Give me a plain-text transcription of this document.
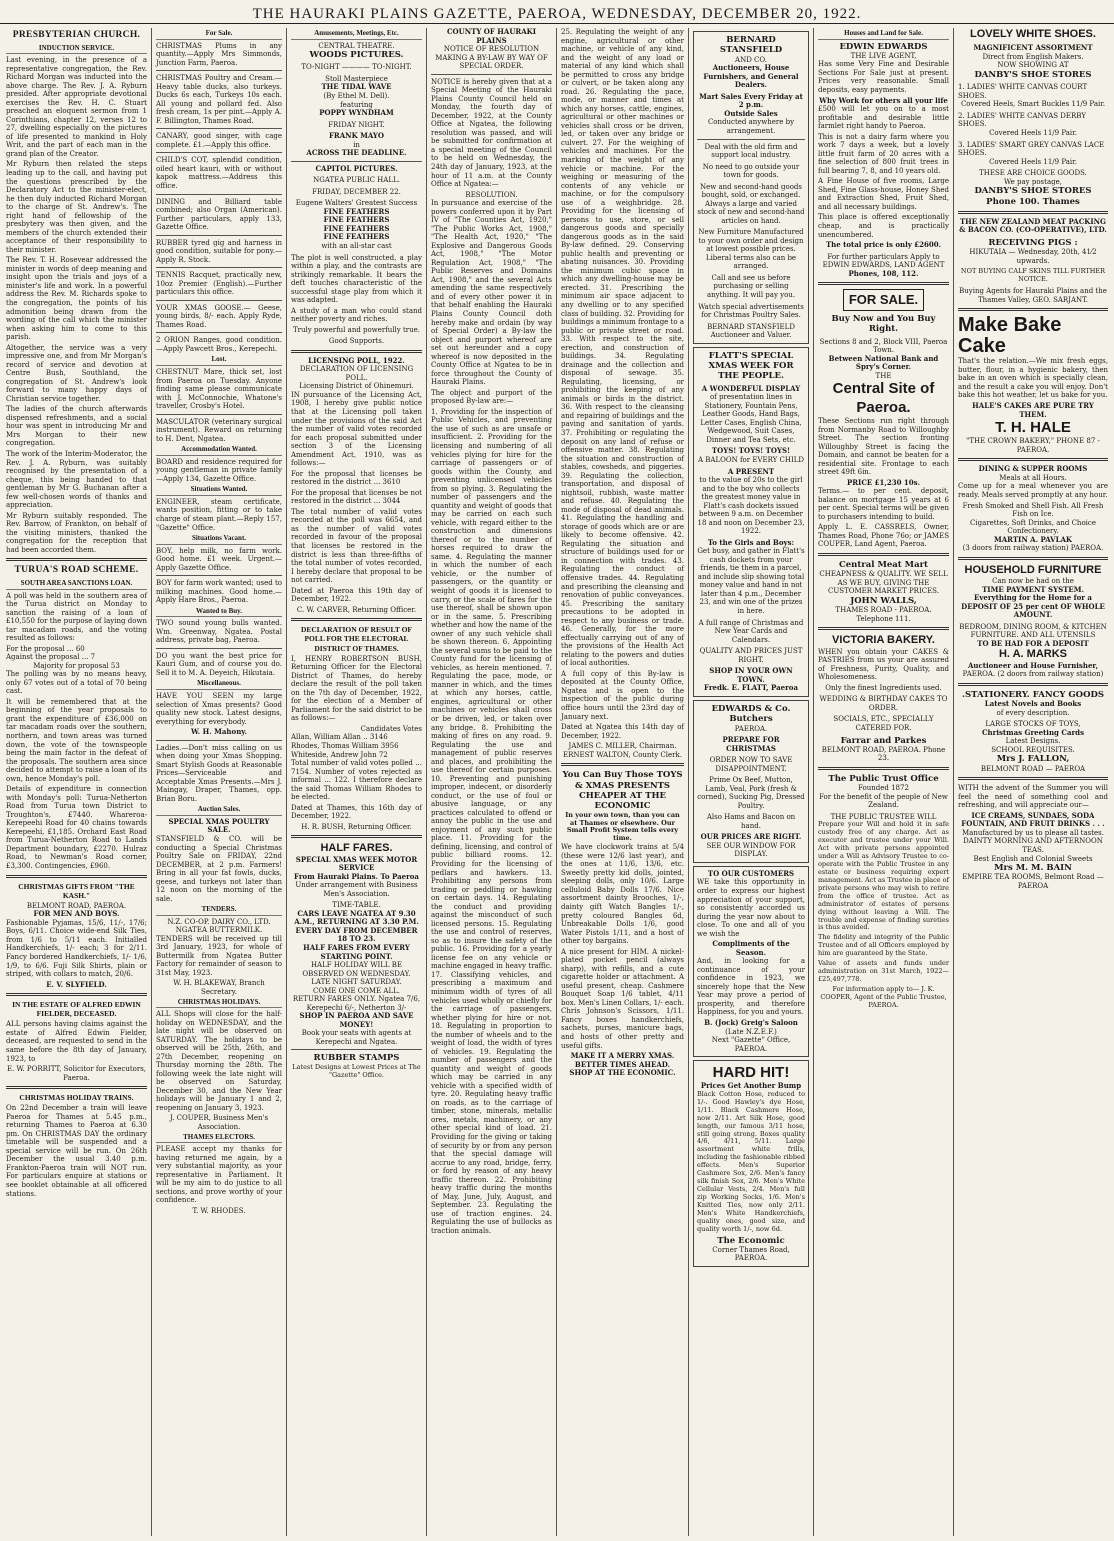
THE HAURAKI PLAINS GAZETTE, PAEROA, WEDNESDAY, DECEMBER 20, 1922.
PRESBYTERIAN CHURCH.
INDUCTION SERVICE.

Last evening, in the presence of a representative congregation, the Rev. Richard Morgan was inducted into the above charge. The Rev. J. A. Ryburn presided. After appropriate devotional exercises the Rev. H. C. Stuart preached an eloquent sermon from 1 Corinthians, chapter 12, verses 12 to 27, dwelling especially on the pictures of life presented to mankind in Holy Writ, and the part of each man in the grand plan of the Creator.

Mr Ryburn then related the steps leading up to the call, and having put the questions prescribed by the Declaratory Act to the minister-elect, he then duly inducted Richard Morgan to the charge of St. Andrew's. The right hand of fellowship of the presbytery was then given, and the members of the church extended their acceptance of their responsibility to their minister.

The Rev. T. H. Rosevear addressed the minister in words of deep meaning and insight upon the trials and joys of a minister's life and work. In a powerful address the Rev. M. Richards spoke to the congregation, the points of his admonition being drawn from the wording of the call which the minister when asking him to come to this parish.

Altogether, the service was a very impressive one, and from Mr Morgan's record of service and devotion at Centre Bush, Southland, the congregation of St. Andrew's look forward to many happy days of Christian service together.

The ladies of the church afterwards dispensed refreshments, and a social hour was spent in introducing Mr and Mrs Morgan to their new congregation.

The work of the Interim-Moderator, the Rev. J. A. Ryburn, was suitably recognised by the presentation of a cheque, this being handed to that gentleman by Mr G. Buchanan after a few well-chosen words of thanks and appreciation.

Mr Ryburn suitably responded. The Rev. Barrow, of Frankton, on behalf of the visiting ministers, thanked the congregation for the reception that had been accorded them.

TURUA'S ROAD SCHEME.
SOUTH AREA SANCTIONS LOAN.

A poll was held in the southern area of the Turua district on Monday to sanction the raising of a loan of £10,550 for the purpose of laying down tar macadam roads, and the voting resulted as follows:

For the proposal ... 60
Against the proposal ... 7
Majority for proposal 53

The polling was by no means heavy, only 67 votes out of a total of 70 being cast.

It will be remembered that at the beginning of the year proposals to grant the expenditure of £36,000 on tar macadam roads over the southern, northern, and town areas was turned down, the vote of the townspeople being the main factor in the defeat of the proposals. The southern area since decided to attempt to raise a loan of its own, hence Monday's poll.

Details of expenditure in connection with Monday's poll: Turua-Netherton Road from Turua town District to Troughton's, £7440. Whareroa-Kerepeehi Road for 40 chains towards Kerepeehi, £1,185. Orchard East Road from Turua-Netherton Road to Lands Department boundary, £2270. Hulraz Road, to Newman's Road corner, £3,300. Contingencies, £960.

CHRISTMAS GIFTS FROM "THE KASH."
BELMONT ROAD, PAEROA.
FOR MEN AND BOYS.

Fashionable Pyjamas, 15/6, 11/-, 17/6; Boys, 6/11. Choice wide-end Silk Ties, from 1/6 to 5/11 each. Initialled Handkerchiefs, 1/- each; 3 for 2/11. Fancy bordered Handkerchiefs, 1/- 1/6, 1/9, to 6/6. Fuji Silk Shirts, plain or striped, with collars to match, 20/6.

E. V. SLYFIELD.
IN THE ESTATE OF ALFRED EDWIN FIELDER, DECEASED.

ALL persons having claims against the estate of Alfred Edwin Fielder, deceased, are requested to send in the same before the 8th day of January, 1923, to

E. W. PORRITT, Solicitor for Executors, Paeroa.
CHRISTMAS HOLIDAY TRAINS.

On 22nd December a train will leave Paeroa for Thames at 5.45 p.m., returning Thames to Paeroa at 6.30 pm. On CHRISTMAS DAY the ordinary timetable will be suspended and a special service will be run. On 26th December the usual 3.40 p.m. Frankton-Paeroa train will NOT run. For particulars enquire at stations or see booklet obtainable at all officered stations.

For Sale.

CHRISTMAS Plums in any quantity.—Apply Mrs Simmonds, Junction Farm, Paeroa.

CHRISTMAS Poultry and Cream.—Heavy table ducks, also turkeys. Ducks 6s each, Turkeys 10s each. All young and pollard fed. Also fresh cream, 1s per pint.—Apply A. F. Billington, Thames Road.

CANARY, good singer, with cage complete. £1.—Apply this office.

CHILD'S COT, splendid condition, oiled heart kauri, with or without kapok mattress.—Address this office.

DINING and Billiard table combined; also Organ (American). Further particulars, apply 133, Gazette Office.

RUBBER tyred gig and harness in good condition, suitable for pony.—Apply R. Stock.

TENNIS Racquet, practically new, 10oz Premier (English).—Further particulars this office.

YOUR XMAS GOOSE.— Geese, young birds, 8/- each. Apply Ryde, Thames Road.

2 ORION Ranges, good condition.—Apply Pawcett Bros., Kerepechi.

Lost.

CHESTNUT Mare, thick set, lost from Paeroa on Tuesday. Anyone finding same please communicate with J. McConnochie, Whatone's traveller, Crosby's Hotel.

MASCULATOR (veterinary surgical instrument). Reward on returning to H. Dent, Ngatea.

Accommodation Wanted.

BOARD and residence required for young gentleman in private family—Apply 134, Gazette Office.

Situations Wanted.

ENGINEER, steam certificate, wants position, fitting or to take charge of steam plant.—Reply 157, "Gazette" Office.

Situations Vacant.

BOY, help milk, no farm work. Good home. £1 week. Urgent.—Apply Gazette Office.

BOY for farm work wanted; used to milking machines. Good home.—Apply Hare Bros., Paeroa.

Wanted to Buy.

TWO sound young bulls wanted. Wm. Greenway, Ngatea. Postal address, private bag, Paeroa.

DO you want the best price for Kauri Gum, and of course you do. Sell it to M. A. Deyeich, Hikutaia.

Miscellaneous.

HAVE YOU SEEN my large selection of Xmas presents? Good quality new stock. Latest designs, everything for everybody.

W. H. Mahony.

Ladies.—Don't miss calling on us when doing your Xmas Shopping. Smart Stylish Goods at Reasonable Prices—Serviceable and Acceptable Xmas Presents.—Mrs J. Maingay, Draper, Thames, opp. Brian Boru.

Auction Sales.
SPECIAL XMAS POULTRY SALE.

STANSFIELD & CO. will be conducting a Special Christmas Poultry Sale on FRIDAY, 22nd DECEMBER, at 2 p.m. Farmers! Bring in all your fat fowls, ducks, geese, and turkeys not later than 12 noon on the morning of the sale.

TENDERS.
N.Z. CO-OP. DAIRY CO., LTD.
NGATEA BUTTERMILK.

TENDERS will be received up till 3rd January, 1923, for whole of Buttermilk from Ngatea Butter Factory for remainder of season to 31st May, 1923.

W. H. BLAKEWAY, Branch Secretary.
CHRISTMAS HOLIDAYS.

ALL Shops will close for the half-holiday on WEDNESDAY, and the late night will be observed on SATURDAY. The holidays to be observed will be 25th, 26th, and 27th December, reopening on Thursday morning the 28th. The following week the late night will be observed on Saturday, December 30, and the New Year holidays will be January 1 and 2, reopening on January 3, 1923.

J. COUPER, Business Men's Association.
THAMES ELECTORS.

PLEASE accept my thanks for having returned me again, by a very substantial majority, as your representative in Parliament. It will be my aim to do justice to all sections, and prove worthy of your confidence.

T. W. RHODES.
Amusements, Meetings, Etc.
CENTRAL THEATRE.
WOODS PICTURES.
TO-NIGHT ———— TO-NIGHT.
Stoll Masterpiece
THE TIDAL WAVE
(By Ethel M. Dell).
featuring
POPPY WYNDHAM
FRIDAY NIGHT.
FRANK MAYO
in
ACROSS THE DEADLINE.
CAPITOL PICTURES.
NGATEA PUBLIC HALL.
FRIDAY, DECEMBER 22.
Eugene Walters' Greatest Success
FINE FEATHERS
FINE FEATHERS
FINE FEATHERS
FINE FEATHERS
with an all-star cast

The plot is well constructed, a play within a play, and the contrasts are strikingly remarkable. It bears the deft touches characteristic of the successful stage play from which it was adapted.

A study of a man who could stand neither poverty and riches.

Truly powerful and powerfully true.
Good Supports.
LICENSING POLL, 1922.
DECLARATION OF LICENSING POLL.
Licensing District of Ohinemuri.

IN pursuance of the Licensing Act, 1908, I hereby give public notice that at the Licensing poll taken under the provisions of the said Act the number of valid votes recorded for each proposal submitted under section 3 of the Licensing Amendment Act, 1910, was as follows:—

For the proposal that licenses be restored in the district ... 3610

For the proposal that licenses be not restored in the district ... 3044

The total number of valid votes recorded at the poll was 6654, and as the number of valid votes recorded in favour of the proposal that licenses be restored in the district is less than three-fifths of the total number of votes recorded, I hereby declare that proposal to be not carried.

Dated at Paeroa this 19th day of December, 1922.

C. W. CARVER, Returning Officer.
DECLARATION OF RESULT OF POLL FOR THE ELECTORAL DISTRICT OF THAMES.

I, HENRY ROBERTSON BUSH, Returning Officer for the Electoral District of Thames, do hereby declare the result of the poll taken on the 7th day of December, 1922, for the election of a Member of Parliament for the said district to be as follows:—

Candidates Votes
Allan, William Allan .. 3146
Rhodes, Thomas William 3956
Whiteside, Andrew John 72

Total number of valid votes polled ... 7154. Number of votes rejected as informal ... 122. I therefore declare the said Thomas William Rhodes to be elected.

Dated at Thames, this 16th day of December, 1922.

H. R. BUSH, Returning Officer.
HALF FARES.
SPECIAL XMAS WEEK MOTOR SERVICE
From Hauraki Plains. To Paeroa
Under arrangement with Business Men's Association.
TIME-TABLE.
CARS LEAVE NGATEA AT 9.30 A.M., RETURNING AT 3.30 P.M. EVERY DAY FROM DECEMBER 18 TO 23.
HALF FARES FROM EVERY STARTING POINT.
HALF HOLIDAY WILL BE OBSERVED ON WEDNESDAY.
LATE NIGHT SATURDAY.
COME ONE COME ALL.
RETURN FARES ONLY. Ngatea 7/6, Kerepechi 6/-, Netherton 3/-
SHOP IN PAEROA AND SAVE MONEY!
Book your seats with agents at Kerepechi and Ngatea.
RUBBER STAMPS
Latest Designs at Lowest Prices at The "Gazette" Office.
COUNTY OF HAURAKI PLAINS
NOTICE OF RESOLUTION MAKING A BY-LAW BY WAY OF SPECIAL ORDER.

NOTICE is hereby given that at a Special Meeting of the Hauraki Plains County Council held on Monday, the fourth day of December, 1922, at the County Office at Ngatea, the following resolution was passed, and will be submitted for confirmation at a special meeting of the Council to be held on Wednesday, the 24th day of January, 1923, at the hour of 11 a.m. at the County Office at Ngatea:—

RESOLUTION.

In pursuance and exercise of the powers conferred upon it by Part IV of "The Counties Act, 1920," "The Public Works Act, 1908," "The Health Act, 1920," "The Explosive and Dangerous Goods Act, 1908," "The Motor Regulation Act, 1908," "The Public Reserves and Domains Act, 1908," and the several Acts amending the same respectively and of every other power it in that behalf enabling the Hauraki Plains County Council doth hereby make and ordain (by way of Special Order) a By-law the object and purport whereof are set out hereunder and a copy whereof is now deposited in the County Office at Ngatea to be in force throughout the County of Hauraki Plains.

The object and purport of the proposed By-law are:—

1. Providing for the inspection of Public Vehicles, and preventing the use of such as are unsafe or insufficient. 2. Providing for the licensing and numbering of all vehicles plying for hire for the carriage of passengers or of goods within the County, and preventing unlicensed vehicles from so plying. 3. Regulating the number of passengers and the quantity and weight of goods that may be carried on each such vehicle, with regard either to the construction and dimensions thereof or to the number of horses required to draw the same. 4. Regulating the manner in which the number of each vehicle, or the number of passengers, or the quantity or weight of goods it is licensed to carry, or the scale of fares for the use thereof, shall be shown upon or in the same. 5. Prescribing whether and how the name of the owner of any such vehicle shall be shown thereon. 6. Appointing the several sums to be paid to the County fund for the licensing of vehicles, as herein mentioned. 7. Regulating the pace, mode, or manner in which, and the times at which any horses, cattle, engines, agricultural or other machines or vehicles shall cross or be driven, led, or taken over any bridge. 8. Prohibiting the making of fires on any road. 9. Regulating the use and management of public reserves and places, and prohibiting the use thereof for certain purposes. 10. Preventing and punishing improper, indecent, or disorderly conduct, or the use of foul or abusive language, or any practices calculated to offend or annoy the public in the use and enjoyment of any such public place. 11. Providing for the defining, licensing, and control of public billiard rooms. 12. Providing for the licensing of pedlars and hawkers. 13. Prohibiting any persons from trading or peddling or hawking on certain days. 14. Regulating the conduct and providing against the misconduct of such licensed persons. 15. Regulating the use and control of reserves, so as to insure the safety of the public. 16. Providing for a yearly license fee on any vehicle or machine engaged in heavy traffic. 17. Classifying vehicles, and prescribing a maximum and minimum width of tyres of all vehicles used wholly or chiefly for the carriage of passengers, whether plying for hire or not. 18. Regulating in proportion to the number of wheels and to the weight of load, the width of tyres of vehicles. 19. Regulating the number of passengers and the quantity and weight of goods which may be carried in any vehicle with a specified width of tyre. 20. Regulating heavy traffic on roads, as to the carriage of timber, stone, minerals, metallic ores, metals, machinery, or any other special kind of load. 21. Providing for the giving or taking of security by or from any person that the special damage will accrue to any road, bridge, ferry, or ford by reason of any heavy traffic thereon. 22. Prohibiting heavy traffic during the months of May, June, July, August, and September. 23. Regulating the use of traction engines. 24. Regulating the use of bullocks as traction animals.

25. Regulating the weight of any engine, agricultural or other machine, or vehicle of any kind, and the weight of any load or material of any kind which shall be permitted to cross any bridge or culvert, or be taken along any road. 26. Regulating the pace, mode, or manner and times at which any horses, cattle, engines, agricultural or other machines or vehicles shall cross or be driven, led, or taken over any bridge or culvert. 27. For the weighing of vehicles and machines. For the marking of the weight of any vehicle or machine. For the weighing or measuring of the contents of any vehicle or machine, or for the compulsory use of a weighbridge. 28. Providing for the licensing of persons to use, store, or sell dangerous goods and specially dangerous goods as in the said By-law defined. 29. Conserving public health and preventing or abating nuisances. 30. Providing the minimum cubic space in which any dwelling-house may be erected. 31. Prescribing the minimum air space adjacent to any dwelling or to any specified class of building. 32. Providing for buildings a minimum frontage to a public or private street or road. 33. With respect to the site, erection, and construction of buildings. 34. Regulating drainage and the collection and disposal of sewage. 35. Regulating, licensing, or prohibiting the keeping of any animals or birds in the district. 36. With respect to the cleansing and repairing of buildings and the paving and sanitation of yards. 37. Prohibiting or regulating the deposit on any land of refuse or offensive matter. 38. Regulating the situation and construction of stables, cowsheds, and piggeries. 39. Regulating the collection, transportation, and disposal of nightsoil, rubbish, waste matter and refuse. 40. Regulating the mode of disposal of dead animals. 41. Regulating the handling and storage of goods which are or are likely to become offensive. 42. Regulating the situation and structure of buildings used for or in connection with trades. 43. Regulating the conduct of offensive trades. 44. Regulating and prescribing the cleansing and renovation of public conveyances. 45. Prescribing the sanitary precautions to be adopted in respect to any business or trade. 46. Generally, for the more effectually carrying out of any of the provisions of the Health Act relating to the powers and duties of local authorities.

A full copy of this By-law is deposited at the County Office, Ngatea and is open to the inspection of the public during office hours until the 23rd day of January next.

Dated at Ngatea this 14th day of December, 1922.

JAMES C. MILLER, Chairman.
ERNEST WALTON, County Clerk.
You Can Buy Those TOYS & XMAS PRESENTS CHEAPER AT THE ECONOMIC
In your own town, than you can at Thames or elsewhere. Our Small Profit System tells every time.

We have clockwork trains at 5/4 (these were 12/6 last year), and the ones at 11/6, 13/6, etc. Sweetly pretty kid dolls, jointed, sleeping dolls, only 10/6. Large celluloid Baby Dolls 17/6. Nice assortment dainty Brooches, 1/-, dainty gift Watch Bangles 1/-, pretty coloured Bangles 6d, Unbreakable Dolls 1/6, good Water Pistols 1/11, and a host of other toy bargains.

A nice present for HIM. A nickel-plated pocket pencil (always sharp), with refills, and a cute cigarette holder or attachment. A useful present, cheap. Cashmere Bouquet Soap 1/6 tablet, 4/11 box. Men's Linen Collars, 1/- each. Chris Johnson's Scissors, 1/11. Fancy boxes handkerchiefs, sachets, purses, manicure bags, and hosts of other pretty and useful gifts.

MAKE IT A MERRY XMAS. BETTER TIMES AHEAD.
SHOP AT THE ECONOMIC.
BERNARD STANSFIELD
AND CO.
Auctioneers, House Furnishers, and General Dealers.
Mart Sales Every Friday at 2 p.m.
Outside Sales
Conducted anywhere by arrangement.
Deal with the old firm and support local industry.
No need to go outside your town for goods.
New and second-hand goods bought, sold, or exchanged. Always a large and varied stock of new and second-hand articles on hand.
New Furniture Manufactured to your own order and design at lowest possible prices. Liberal terms also can be arranged.
Call and see us before purchasing or selling anything. It will pay you.
Watch special advertisements for Christmas Poultry Sales.
BERNARD STANSFIELD Auctioneer and Valuer.
FLATT'S SPECIAL XMAS WEEK FOR THE PEOPLE.
A WONDERFUL DISPLAY
of presentation lines in Stationery, Fountain Pens, Leather Goods, Hand Bags, Letter Cases, English China, Wedgewood, Suit Cases, Dinner and Tea Sets, etc.
TOYS! TOYS! TOYS!
A BALOON for EVERY CHILD
A PRESENT
to the value of 20s to the girl and to the boy who collects the greatest money value in Flatt's cash dockets issued between 9 a.m. on December 18 and noon on December 23, 1922.
To the Girls and Boys:
Get busy, and gather in Flatt's cash dockets from your friends, tie them in a parcel, and include slip showing total money value and hand in not later than 4 p.m., December 23, and win one of the prizes in here.
A full range of Christmas and New Year Cards and Calendars.
QUALITY AND PRICES JUST RIGHT.
SHOP IN YOUR OWN TOWN.
Fredk. E. FLATT, Paeroa
EDWARDS & Co. Butchers
PAEROA.
PREPARE FOR CHRISTMAS
ORDER NOW TO SAVE DISAPPOINTMENT.
Prime Ox Beef, Mutton, Lamb, Veal, Pork (fresh & corned), Sucking Pig, Dressed Poultry.
Also Hams and Bacon on hand.
OUR PRICES ARE RIGHT.
SEE OUR WINDOW FOR DISPLAY.
TO OUR CUSTOMERS

WE take this opportunity in order to express our highest appreciation of your support, so consistently accorded us during the year now about to close. To one and all of you we wish the

Compliments of the Season.

And, in looking for a continuance of your confidence in 1923, we sincerely hope that the New Year may prove a period of prosperity, and therefore Happiness, for you and yours.

B. (Jock) Greig's Saloon
(Late N.Z.E.F.)
Next "Gazette" Office, PAEROA.
HARD HIT!
Prices Get Another Bump

Black Cotton Hose, reduced to 1/-. Good Hawley's dye Hose, 1/11. Black Cashmere Hose, now 2/11. Art Silk Hose, good length, our famous 3/11 hose, still going strong. Boxes quality 4/6, 4/11, 5/11. Large assortment white frills, including the fashionable ribbed effects. Men's Superior Cashmere Sox, 2/6. Men's fancy silk finish Sox, 2/6. Men's White Cellular Vests, 2/4. Men's full zip Working Socks, 1/6. Men's Knitted Ties, now only 2/11. Men's White Handkerchiefs, quality ones, good size, and quality worth 1/-, now 6d.

The Economic
Corner Thames Road, PAEROA.
Houses and Land for Sale.
EDWIN EDWARDS
THE LIVE AGENT,

Has some Very Fine and Desirable Sections For Sale just at present. Prices very reasonable. Small deposits, easy payments.

Why Work for others all your life

£500 will let you on to a most profitable and desirable little farmlet right handy to Paeroa.

This is not a dairy farm where you work 7 days a week, but a lovely little fruit farm of 20 acres with a fine selection of 800 fruit trees in full bearing 7, 8, and 10 years old.

A Fine House of five rooms, Large Shed, Fine Glass-house, Honey Shed and Extraction Shed, Fruit Shed, and all necessary buildings.

This place is offered exceptionally cheap, and is practically unencumbered.

The total price is only £2600.
For further particulars Apply to EDWIN EDWARDS, LAND AGENT
Phones, 108, 112.
FOR SALE.
Buy Now and You Buy Right.
Sections 8 and 2, Block VIII, Paeroa Town.
Between National Bank and Spry's Corner.
THE
Central Site of Paeroa.

These Sections run right through from Normanby Road to Willoughby Street. The section fronting Willoughby Street is facing the Domain, and cannot be beaten for a residential site. Frontage to each street 49ft 6in.

PRICE £1,230 10s.

Terms.— to per cent. deposit, balance on mortgage 15 years at 6 per cent. Special terms will be given to purchasers intending to build.

Apply L. E. CASSRELS, Owner, Thames Road, Phone 76o; or JAMES COUPER, Land Agent, Paeroa.

Central Meat Mart
CHEAPNESS & QUALITY. WE SELL AS WE BUY, GIVING THE CUSTOMER MARKET PRICES.
JOHN WALLS,
THAMES ROAD - PAEROA.
Telephone 111.
VICTORIA BAKERY.

WHEN you obtain your CAKES & PASTRIES from us your are assured of Freshness, Purity, Quality, and Wholesomeness.

Only the finest Ingredients used.
WEDDING & BIRTHDAY CAKES TO ORDER.
SOCIALS, ETC., SPECIALLY CATERED FOR.
Farrar and Parkes
BELMONT ROAD, PAEROA. Phone 23.
The Public Trust Office
Founded 1872
For the benefit of the people of New Zealand.
THE PUBLIC TRUSTEE WILL

Prepare your Will and hold it in safe custody free of any charge. Act as executor and trustee under your Will. Act with private persons appointed under a Will as Advisory Trustee to co-operate with the Public Trustee in any estate or business requiring expert management. Act as Trustee in place of private persons who may wish to retire from the office of trustee. Act as administrator of estates of persons dying without leaving a Will. The trouble and expense of finding sureties is thus avoided.

The fidelity and integrity of the Public Trustee and of all Officers employed by him are guaranteed by the State.

Value of assets and funds under administration on 31st March, 1922—£25,497,778.

For information apply to— J. K. COOPER, Agent of the Public Trustee, PAEROA.

LOVELY WHITE SHOES.
MAGNIFICENT ASSORTMENT
Direct from English Makers.
NOW SHOWING AT
DANBY'S SHOE STORES
1. LADIES' WHITE CANVAS COURT SHOES.
Covered Heels, Smart Buckles 11/9 Pair.
2. LADIES' WHITE CANVAS DERBY SHOES.
Covered Heels 11/9 Pair.
3. LADIES' SMART GREY CANVAS LACE SHOES.
Covered Heels 11/9 Pair.
THESE ARE CHOICE GOODS.
We pay postage,
DANBY'S SHOE STORES
Phone 100. Thames
THE NEW ZEALAND MEAT PACKING & BACON CO. (CO-OPERATIVE), LTD.
RECEIVING PIGS :
HIKUTAIA — Wednesday, 20th, 41⁄2 upwards.
NOT BUYING CALF SKINS TILL FURTHER NOTICE.
Buying Agents for Hauraki Plains and the Thames Valley, GEO. SARJANT.
Make Bake Cake

That's the relation.—We mix fresh eggs, butter, flour, in a hygienic bakery, then bake in an oven which is specially clean, and the result a cake you will enjoy. Don't bake this hot weather, let us bake for you.

HALE'S CAKES ARE PURE TRY THEM.
T. H. HALE
"THE CROWN BAKERY," PHONE 87 - PAEROA.
DINING & SUPPER ROOMS
Meals at all Hours.

Come up for a meal whenever you are ready. Meals served promptly at any hour.

Fresh Smoked and Shell Fish. All Fresh Fish on Ice.
Cigarettes, Soft Drinks, and Choice Confectionery.
MARTIN A. PAVLAK
(3 doors from railway station) PAEROA.
HOUSEHOLD FURNITURE
Can now be had on the
TIME PAYMENT SYSTEM.
Everything for the Home for a DEPOSIT OF 25 per cent OF WHOLE AMOUNT.
BEDROOM, DINING ROOM, & KITCHEN FURNITURE. AND ALL UTENSILS
TO BE HAD FOR A DEPOSIT
H. A. MARKS
Auctioneer and House Furnisher,
PAEROA. (2 doors from railway station)
.STATIONERY. FANCY GOODS
Latest Novels and Books
of every description.
LARGE STOCKS OF TOYS,
Christmas Greeting Cards
Latest Designs.
SCHOOL REQUISITES.
Mrs J. FALLON,
BELMONT ROAD — PAEROA

WITH the advent of the Summer you will feel the need of something cool and refreshing, and will appreciate our—

ICE CREAMS, SUNDAES, SODA FOUNTAIN, AND FRUIT DRINKS . . .
Manufactured by us to please all tastes.
DAINTY MORNING AND AFTERNOON TEAS.
Best English and Colonial Sweets
Mrs M. M. BAIN
EMPIRE TEA ROOMS, Belmont Road — PAEROA
